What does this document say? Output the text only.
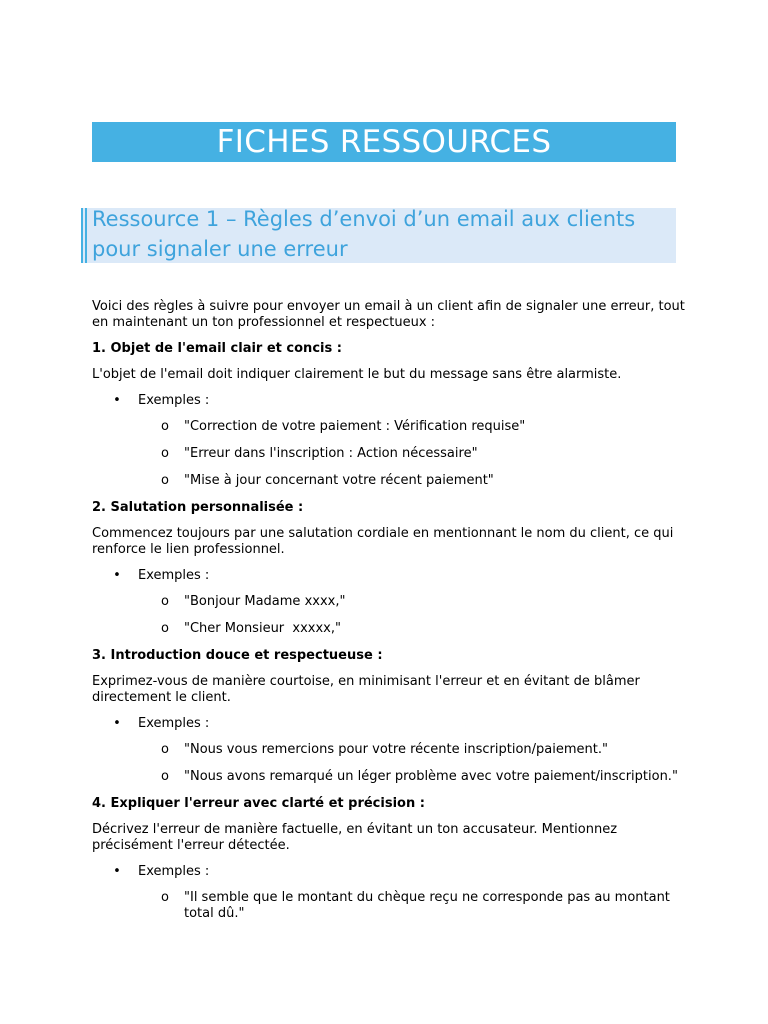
FICHES RESSOURCES
Ressource 1 – Règles d’envoi d’un email aux clients pour signaler une erreur

Voici des règles à suivre pour envoyer un email à un client afin de signaler une erreur, tout en maintenant un ton professionnel et respectueux :

1. Objet de l'email clair et concis :

L'objet de l'email doit indiquer clairement le but du message sans être alarmiste.

• Exemples :
o "Correction de votre paiement : Vérification requise"
o "Erreur dans l'inscription : Action nécessaire"
o "Mise à jour concernant votre récent paiement"

2. Salutation personnalisée :

Commencez toujours par une salutation cordiale en mentionnant le nom du client, ce qui renforce le lien professionnel.

• Exemples :
o "Bonjour Madame xxxx,"
o "Cher Monsieur  xxxxx,"

3. Introduction douce et respectueuse :

Exprimez-vous de manière courtoise, en minimisant l'erreur et en évitant de blâmer directement le client.

• Exemples :
o "Nous vous remercions pour votre récente inscription/paiement."
o "Nous avons remarqué un léger problème avec votre paiement/inscription."

4. Expliquer l'erreur avec clarté et précision :

Décrivez l'erreur de manière factuelle, en évitant un ton accusateur. Mentionnez précisément l'erreur détectée.

• Exemples :
o "Il semble que le montant du chèque reçu ne corresponde pas au montant total dû."
